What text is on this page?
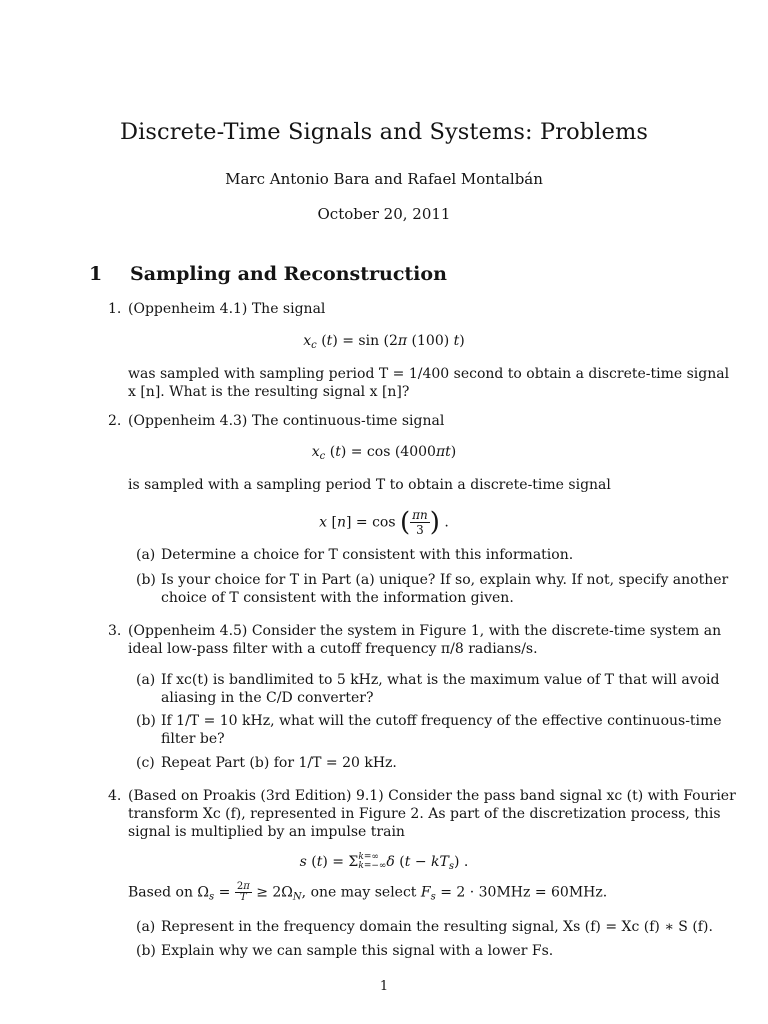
Discrete-Time Signals and Systems: Problems
Marc Antonio Bara and Rafael Montalbán
October 20, 2011
1 Sampling and Reconstruction
1. (Oppenheim 4.1) The signal
$x_c$ (t) = sin (2π (100) t)
was sampled with sampling period T = 1/400 second to obtain a discrete-time signal
x [n]. What is the resulting signal x [n]?
2. (Oppenheim 4.3) The continuous-time signal
$x_c$ (t) = cos (4000πt)
is sampled with a sampling period T to obtain a discrete-time signal
x [n] = cos ( $\frac{\pi n}{3}$ ) .
(a) Determine a choice for T consistent with this information.
(b) Is your choice for T in Part (a) unique? If so, explain why. If not, specify another
choice of T consistent with the information given.
3. (Oppenheim 4.5) Consider the system in Figure 1, with the discrete-time system an
ideal low-pass filter with a cutoff frequency π/8 radians/s.
(a) If xc(t) is bandlimited to 5 kHz, what is the maximum value of T that will avoid
aliasing in the C/D converter?
(b) If 1/T = 10 kHz, what will the cutoff frequency of the effective continuous-time
filter be?
(c) Repeat Part (b) for 1/T = 20 kHz.
4. (Based on Proakis (3rd Edition) 9.1) Consider the pass band signal xc (t) with Fourier
transform Xc (f), represented in Figure 2. As part of the discretization process, this
signal is multiplied by an impulse train
s (t) = Σ k=∞
k=−∞ δ $(t - kT_s)$ .
Based on $\Omega_s = \frac{2\pi}{T} \ge 2\Omega_N$, one may select $F_s = 2 \cdot 30MHz = 60MHz$.
(a) Represent in the frequency domain the resulting signal, Xs (f) = Xc (f) ∗ S (f).
(b) Explain why we can sample this signal with a lower Fs.
1
